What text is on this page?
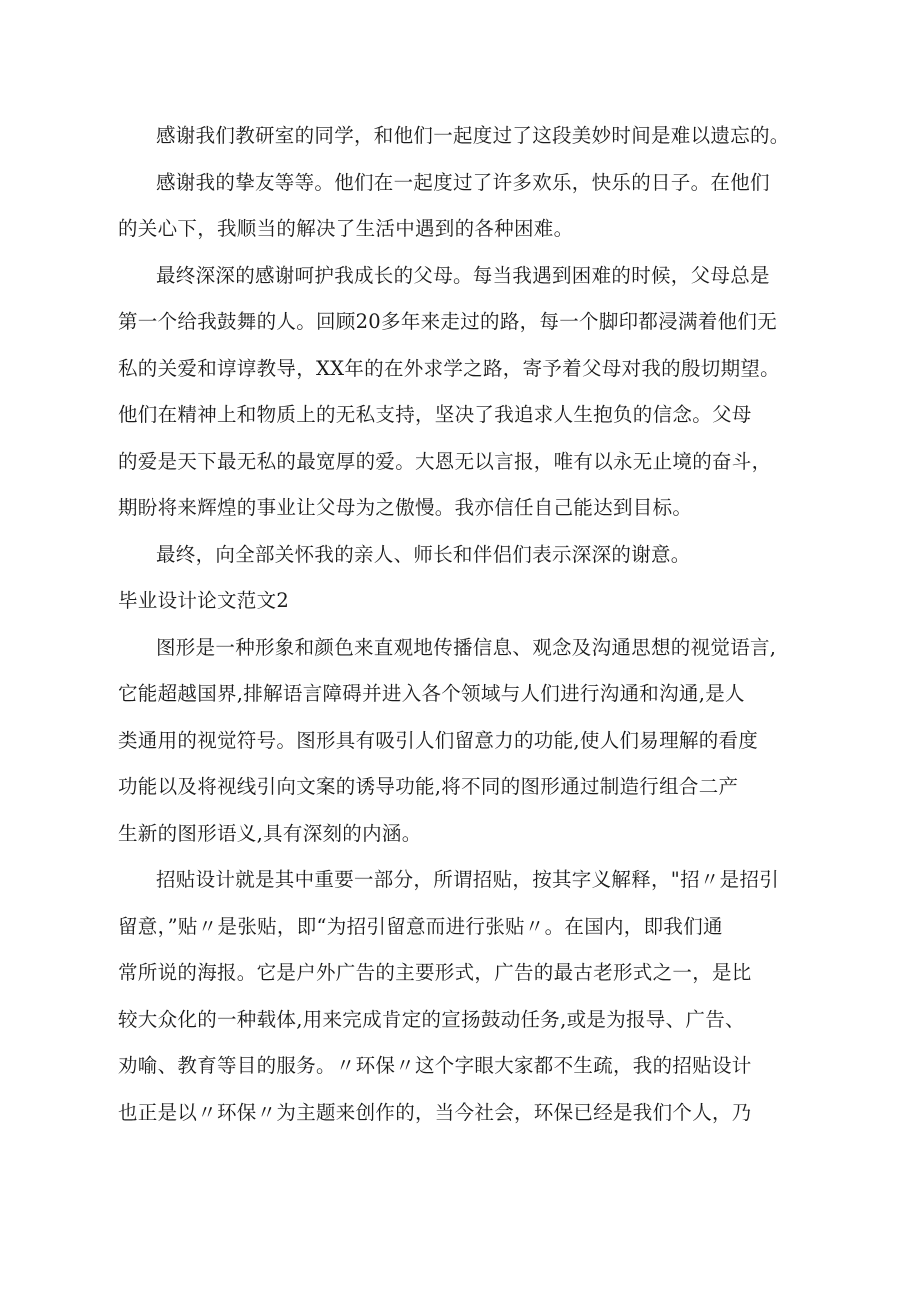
感谢我们教研室的同学，和他们一起度过了这段美妙时间是难以遗忘的。
感谢我的挚友等等。他们在一起度过了许多欢乐，快乐的日子。在他们
的关心下，我顺当的解决了生活中遇到的各种困难。
最终深深的感谢呵护我成长的父母。每当我遇到困难的时候，父母总是
第一个给我鼓舞的人。回顾20多年来走过的路，每一个脚印都浸满着他们无
私的关爱和谆谆教导，XX年的在外求学之路，寄予着父母对我的殷切期望。
他们在精神上和物质上的无私支持，坚决了我追求人生抱负的信念。父母
的爱是天下最无私的最宽厚的爱。大恩无以言报，唯有以永无止境的奋斗，
期盼将来辉煌的事业让父母为之傲慢。我亦信任自己能达到目标。
最终，向全部关怀我的亲人、师长和伴侣们表示深深的谢意。
毕业设计论文范文2
图形是一种形象和颜色来直观地传播信息、观念及沟通思想的视觉语言,
它能超越国界,排解语言障碍并进入各个领域与人们进行沟通和沟通,是人
类通用的视觉符号。图形具有吸引人们留意力的功能,使人们易理解的看度
功能以及将视线引向文案的诱导功能,将不同的图形通过制造行组合二产
生新的图形语义,具有深刻的内涵。
招贴设计就是其中重要一部分，所谓招贴，按其字义解释，"招〃是招引
留意，”贴〃是张贴，即“为招引留意而进行张贴〃。在国内，即我们通
常所说的海报。它是户外广告的主要形式，广告的最古老形式之一，是比
较大众化的一种载体,用来完成肯定的宣扬鼓动任务,或是为报导、广告、
劝喻、教育等目的服务。〃环保〃这个字眼大家都不生疏，我的招贴设计
也正是以〃环保〃为主题来创作的，当今社会，环保已经是我们个人，乃
